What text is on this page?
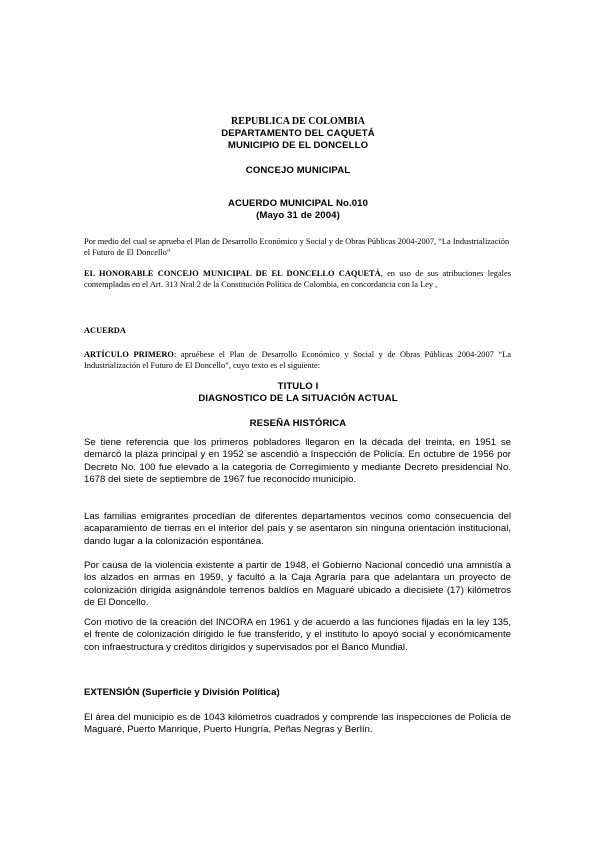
REPUBLICA DE COLOMBIA
DEPARTAMENTO DEL CAQUETÁ
MUNICIPIO DE EL DONCELLO
CONCEJO MUNICIPAL
ACUERDO MUNICIPAL No.010
(Mayo 31 de 2004)
Por medio del cual se aprueba el Plan de Desarrollo Económico y Social y de Obras Públicas 2004-2007, “La Industrialización el Futuro de El Doncello”
EL HONORABLE CONCEJO MUNICIPAL DE EL DONCELLO CAQUETÁ, en uso de sus atribuciones legales contempladas en el Art. 313 Nral 2 de la Constitución Política de Colombia, en concordancia con la Ley ,
ACUERDA
ARTÍCULO PRIMERO: apruébese el Plan de Desarrollo Económico y Social y de Obras Públicas 2004-2007 “La Industrialización el Futuro de El Doncello”, cuyo texto es el siguiente:
TITULO I
DIAGNOSTICO DE LA SITUACIÓN ACTUAL
RESEÑA HISTÓRICA
Se tiene referencia que los primeros pobladores llegaron en la década del treinta, en 1951 se demarcó la plaza principal y en 1952 se ascendió a Inspección de Policía. En octubre de 1956 por Decreto No. 100 fue elevado a la categoria de Corregimiento y mediante Decreto presidencial No. 1678 del siete de septiembre de 1967 fue reconocido municipio.
Las familias emigrantes procedían de diferentes departamentos vecinos como consecuencia del acaparamiento de tierras en el interior del país y se asentaron sin ninguna orientación institucional, dando lugar a la colonización espontánea.
Por causa de la violencia existente a partir de 1948, el Gobierno Nacional concedió una amnistía a los alzados en armas en 1959, y facultó a la Caja Agraria para que adelantara un proyecto de colonización dirigida asignándole terrenos baldíos en Maguaré ubicado a diecisiete (17) kilómetros de El Doncello.
Con motivo de la creación del INCORA en 1961 y de acuerdo a las funciones fijadas en la ley 135, el frente de colonización dirigido le fue transferido, y el instituto lo apoyó social y económicamente con infraestructura y créditos dirigidos y supervisados por el Banco Mundial.
EXTENSIÓN (Superficie y División Política)
El área del municipio es de 1043 kilómetros cuadrados y comprende las inspecciones de Policía de Maguaré, Puerto Manrique, Puerto Hungría, Peñas Negras y Berlín.
